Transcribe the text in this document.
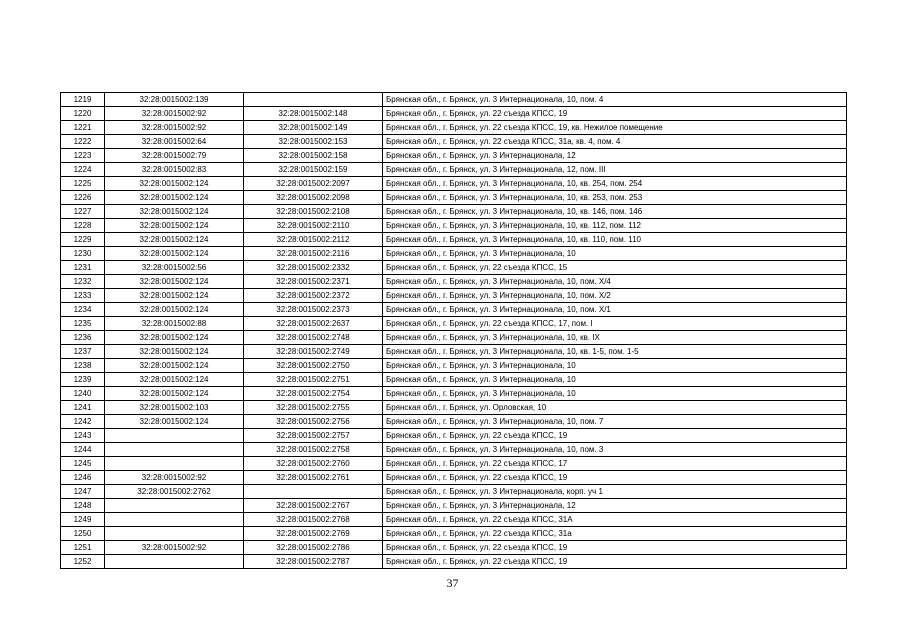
1219	32:28:0015002:139		Брянская обл., г. Брянск, ул. 3 Интернационала, 10, пом. 4
1220	32:28:0015002:92	32:28:0015002:148	Брянская обл., г. Брянск, ул. 22 съезда КПСС, 19
1221	32:28:0015002:92	32:28:0015002:149	Брянская обл., г. Брянск, ул. 22 съезда КПСС, 19, кв. Нежилое помещение
1222	32:28:0015002:64	32:28:0015002:153	Брянская обл., г. Брянск, ул. 22 съезда КПСС, 31а, кв. 4, пом. 4
1223	32:28:0015002:79	32:28:0015002:158	Брянская обл., г. Брянск, ул. 3 Интернационала, 12
1224	32:28:0015002:83	32:28:0015002:159	Брянская обл., г. Брянск, ул. 3 Интернационала, 12, пом. III
1225	32:28:0015002:124	32:28:0015002:2097	Брянская обл., г. Брянск, ул. 3 Интернационала, 10, кв. 254, пом. 254
1226	32:28:0015002:124	32:28:0015002:2098	Брянская обл., г. Брянск, ул. 3 Интернационала, 10, кв. 253, пом. 253
1227	32:28:0015002:124	32:28:0015002:2108	Брянская обл., г. Брянск, ул. 3 Интернационала, 10, кв. 146, пом. 146
1228	32:28:0015002:124	32:28:0015002:2110	Брянская обл., г. Брянск, ул. 3 Интернационала, 10, кв. 112, пом. 112
1229	32:28:0015002:124	32:28:0015002:2112	Брянская обл., г. Брянск, ул. 3 Интернационала, 10, кв. 110, пом. 110
1230	32:28:0015002:124	32:28:0015002:2116	Брянская обл., г. Брянск, ул. 3 Интернационала, 10
1231	32:28:0015002:56	32:28:0015002:2332	Брянская обл., г. Брянск, ул. 22 съезда КПСС, 15
1232	32:28:0015002:124	32:28:0015002:2371	Брянская обл., г. Брянск, ул. 3 Интернационала, 10, пом. X/4
1233	32:28:0015002:124	32:28:0015002:2372	Брянская обл., г. Брянск, ул. 3 Интернационала, 10, пом. X/2
1234	32:28:0015002:124	32:28:0015002:2373	Брянская обл., г. Брянск, ул. 3 Интернационала, 10, пом. X/1
1235	32:28:0015002:88	32:28:0015002:2637	Брянская обл., г. Брянск, ул. 22 съезда КПСС, 17, пом. I
1236	32:28:0015002:124	32:28:0015002:2748	Брянская обл., г. Брянск, ул. 3 Интернационала, 10, кв. IX
1237	32:28:0015002:124	32:28:0015002:2749	Брянская обл., г. Брянск, ул. 3 Интернационала, 10, кв. 1-5, пом. 1-5
1238	32:28:0015002:124	32:28:0015002:2750	Брянская обл., г. Брянск, ул. 3 Интернационала, 10
1239	32:28:0015002:124	32:28:0015002:2751	Брянская обл., г. Брянск, ул. 3 Интернационала, 10
1240	32:28:0015002:124	32:28:0015002:2754	Брянская обл., г. Брянск, ул. 3 Интернационала, 10
1241	32:28:0015002:103	32:28:0015002:2755	Брянская обл., г. Брянск, ул. Орловская, 10
1242	32:28:0015002:124	32:28:0015002:2756	Брянская обл., г. Брянск, ул. 3 Интернационала, 10, пом. 7
1243		32:28:0015002:2757	Брянская обл., г. Брянск, ул. 22 съезда КПСС, 19
1244		32:28:0015002:2758	Брянская обл., г. Брянск, ул. 3 Интернационала, 10, пом. 3
1245		32:28:0015002:2760	Брянская обл., г. Брянск, ул. 22 съезда КПСС, 17
1246	32:28:0015002:92	32:28:0015002:2761	Брянская обл., г. Брянск, ул. 22 съезда КПСС, 19
1247	32:28:0015002:2762		Брянская обл., г. Брянск, ул. 3 Интернационала, корп. уч 1
1248		32:28:0015002:2767	Брянская обл., г. Брянск, ул. 3 Интернационала, 12
1249		32:28:0015002:2768	Брянская обл., г. Брянск, ул. 22 съезда КПСС, 31А
1250		32:28:0015002:2769	Брянская обл., г. Брянск, ул. 22 съезда КПСС, 31а
1251	32:28:0015002:92	32:28:0015002:2786	Брянская обл., г. Брянск, ул. 22 съезда КПСС, 19
1252		32:28:0015002:2787	Брянская обл., г. Брянск, ул. 22 съезда КПСС, 19
37
